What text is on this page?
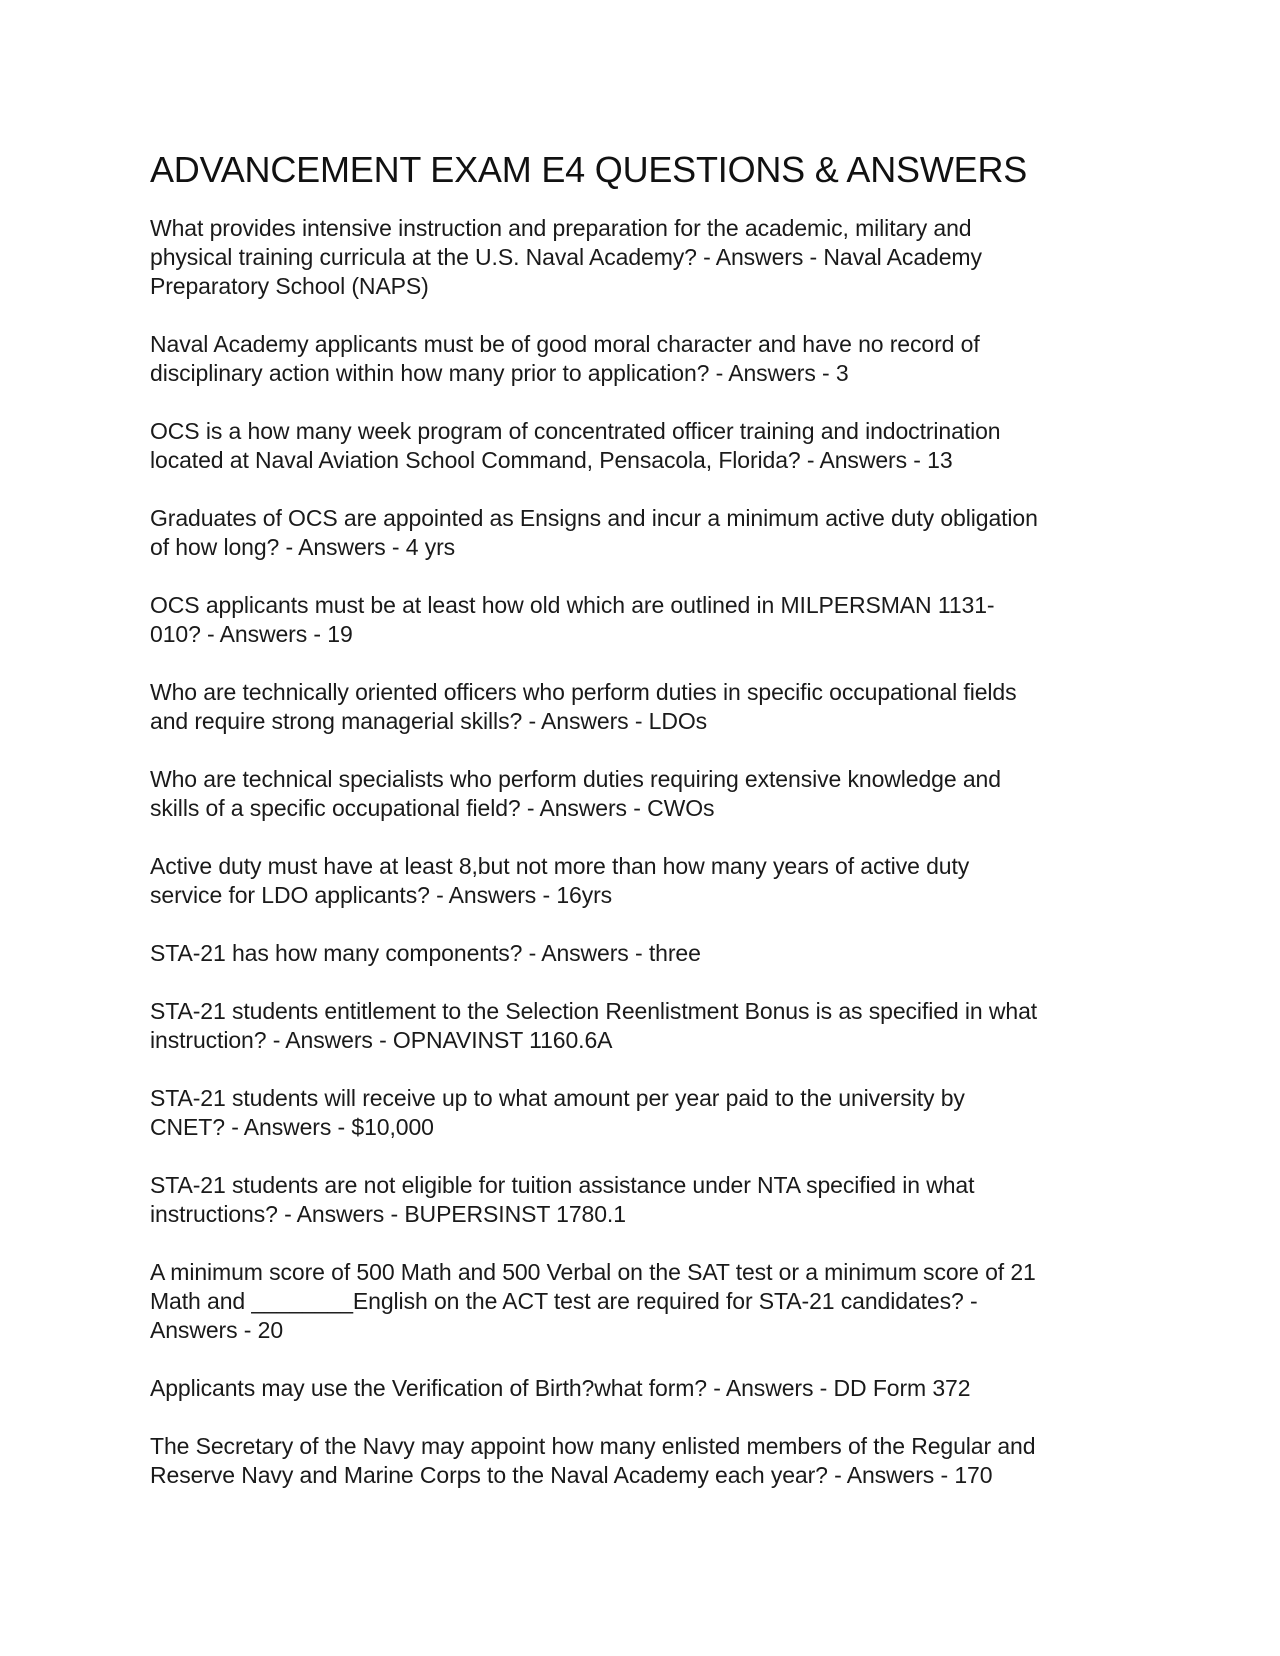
ADVANCEMENT EXAM E4 QUESTIONS & ANSWERS

What provides intensive instruction and preparation for the academic, military and
physical training curricula at the U.S. Naval Academy? - Answers - Naval Academy
Preparatory School (NAPS)

Naval Academy applicants must be of good moral character and have no record of
disciplinary action within how many prior to application? - Answers - 3

OCS is a how many week program of concentrated officer training and indoctrination
located at Naval Aviation School Command, Pensacola, Florida? - Answers - 13

Graduates of OCS are appointed as Ensigns and incur a minimum active duty obligation
of how long? - Answers - 4 yrs

OCS applicants must be at least how old which are outlined in MILPERSMAN 1131-
010? - Answers - 19

Who are technically oriented officers who perform duties in specific occupational fields
and require strong managerial skills? - Answers - LDOs

Who are technical specialists who perform duties requiring extensive knowledge and
skills of a specific occupational field? - Answers - CWOs

Active duty must have at least 8,but not more than how many years of active duty
service for LDO applicants? - Answers - 16yrs

STA-21 has how many components? - Answers - three

STA-21 students entitlement to the Selection Reenlistment Bonus is as specified in what
instruction? - Answers - OPNAVINST 1160.6A

STA-21 students will receive up to what amount per year paid to the university by
CNET? - Answers - $10,000

STA-21 students are not eligible for tuition assistance under NTA specified in what
instructions? - Answers - BUPERSINST 1780.1

A minimum score of 500 Math and 500 Verbal on the SAT test or a minimum score of 21
Math and ________English on the ACT test are required for STA-21 candidates? -
Answers - 20

Applicants may use the Verification of Birth?what form? - Answers - DD Form 372

The Secretary of the Navy may appoint how many enlisted members of the Regular and
Reserve Navy and Marine Corps to the Naval Academy each year? - Answers - 170
